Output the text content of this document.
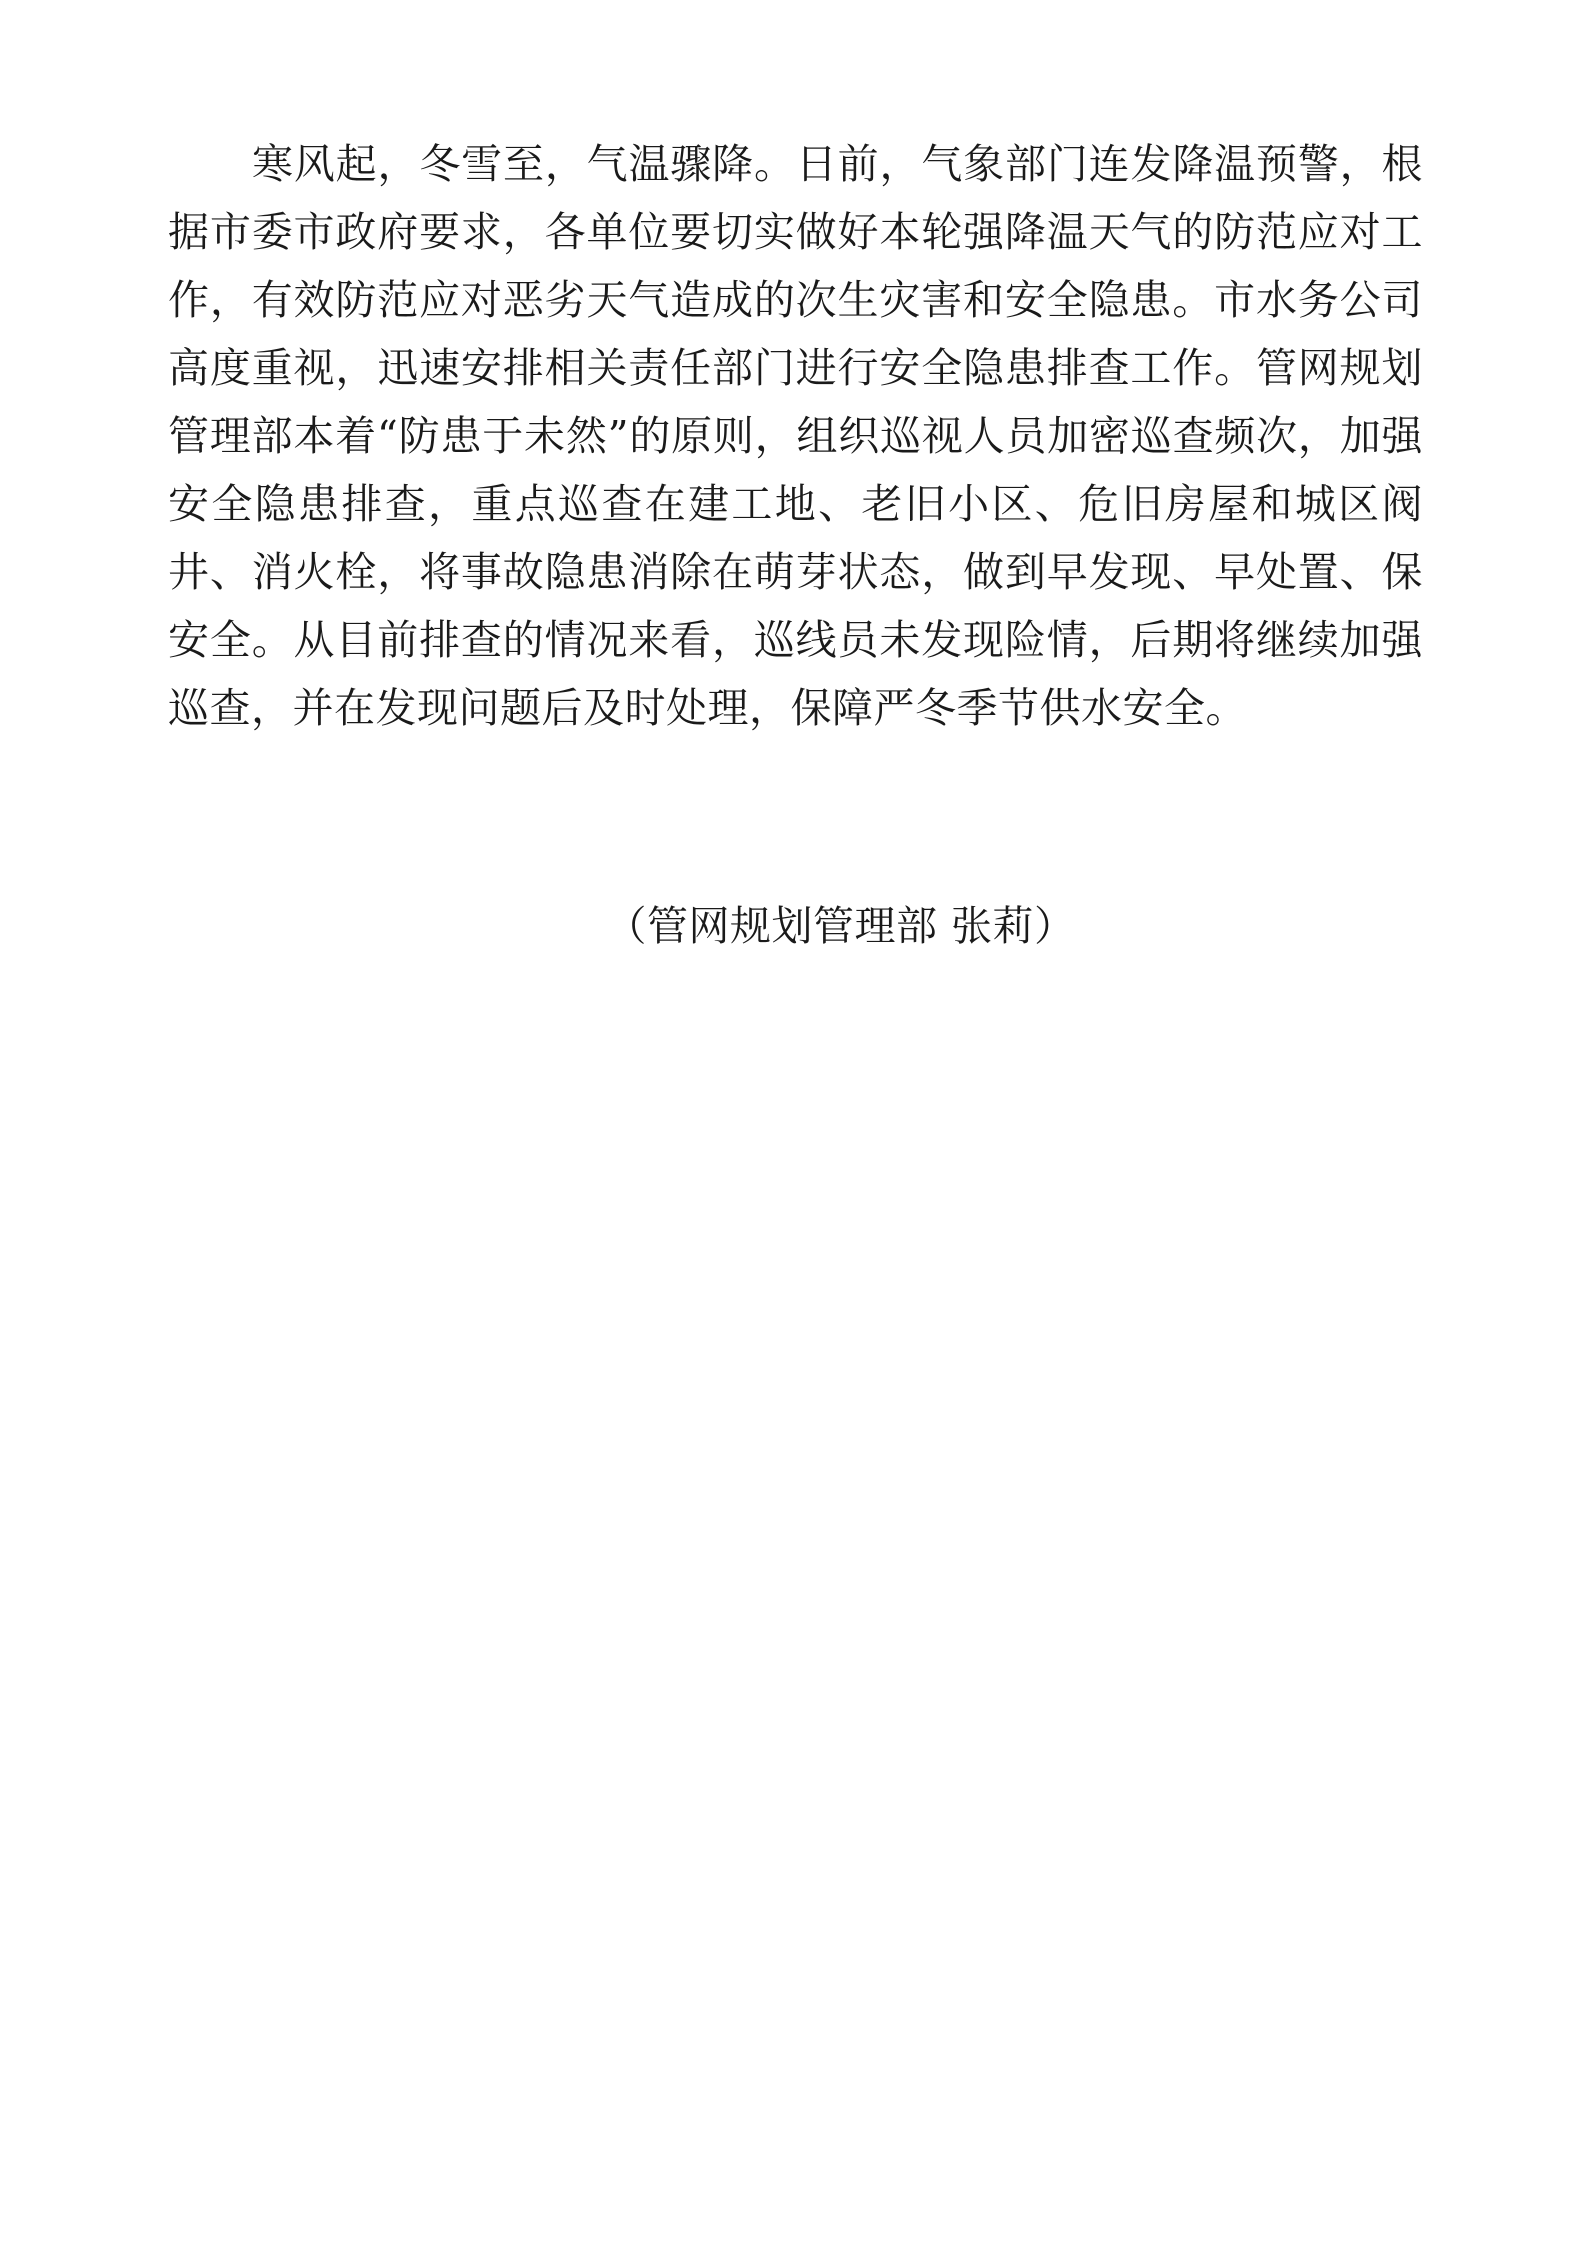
寒风起，冬雪至，气温骤降。日前，气象部门连发降温预警，根据市委市政府要求，各单位要切实做好本轮强降温天气的防范应对工作，有效防范应对恶劣天气造成的次生灾害和安全隐患。市水务公司高度重视，迅速安排相关责任部门进行安全隐患排查工作。管网规划管理部本着“防患于未然”的原则，组织巡视人员加密巡查频次，加强安全隐患排查，重点巡查在建工地、老旧小区、危旧房屋和城区阀井、消火栓，将事故隐患消除在萌芽状态，做到早发现、早处置、保安全。从目前排查的情况来看，巡线员未发现险情，后期将继续加强巡查，并在发现问题后及时处理，保障严冬季节供水安全。

（管网规划管理部 张莉）
